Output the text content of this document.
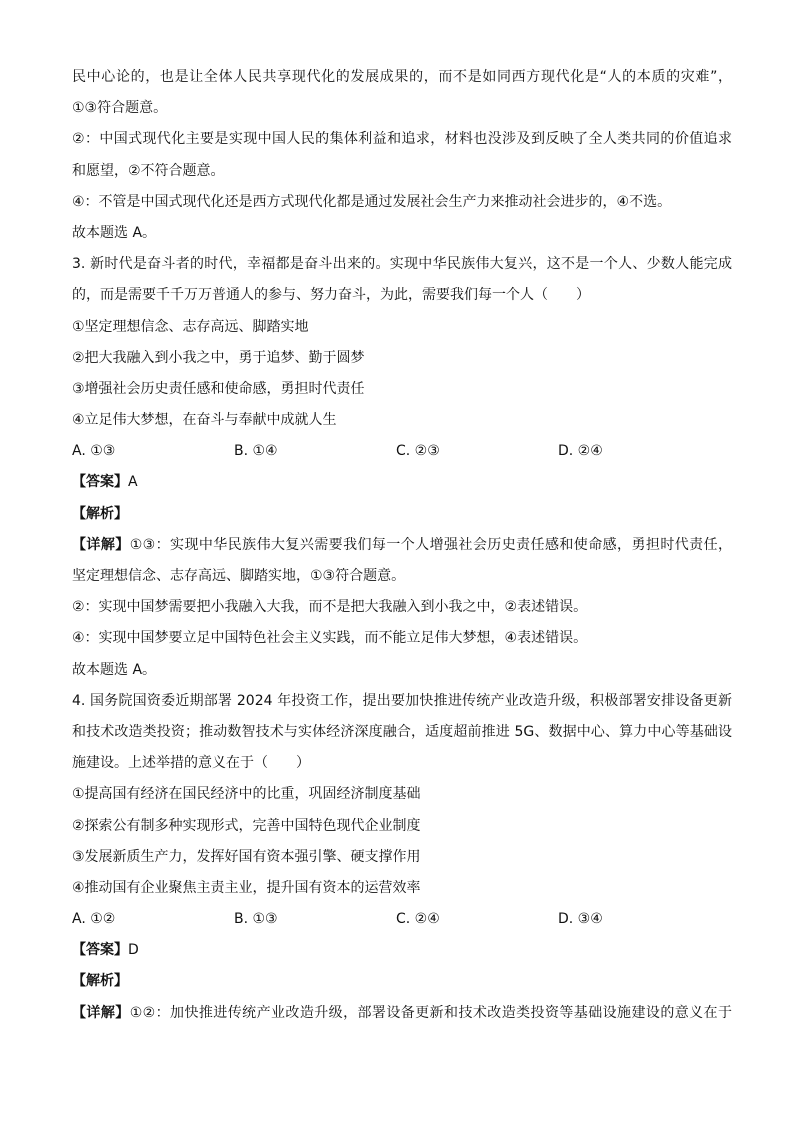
民中心论的，也是让全体人民共享现代化的发展成果的，而不是如同西方现代化是“人的本质的灾难”，
①③符合题意。
②：中国式现代化主要是实现中国人民的集体利益和追求，材料也没涉及到反映了全人类共同的价值追求
和愿望，②不符合题意。
④：不管是中国式现代化还是西方式现代化都是通过发展社会生产力来推动社会进步的，④不选。
故本题选 A。
3. 新时代是奋斗者的时代，幸福都是奋斗出来的。实现中华民族伟大复兴，这不是一个人、少数人能完成
的，而是需要千千万万普通人的参与、努力奋斗，为此，需要我们每一个人（　　）
①坚定理想信念、志存高远、脚踏实地
②把大我融入到小我之中，勇于追梦、勤于圆梦
③增强社会历史责任感和使命感，勇担时代责任
④立足伟大梦想，在奋斗与奉献中成就人生
A. ①③	B. ①④	C. ②③	D. ②④
【答案】A
【解析】
【详解】①③：实现中华民族伟大复兴需要我们每一个人增强社会历史责任感和使命感，勇担时代责任，
坚定理想信念、志存高远、脚踏实地，①③符合题意。
②：实现中国梦需要把小我融入大我，而不是把大我融入到小我之中，②表述错误。
④：实现中国梦要立足中国特色社会主义实践，而不能立足伟大梦想，④表述错误。
故本题选 A。
4. 国务院国资委近期部署 2024 年投资工作，提出要加快推进传统产业改造升级，积极部署安排设备更新
和技术改造类投资；推动数智技术与实体经济深度融合，适度超前推进 5G、数据中心、算力中心等基础设
施建设。上述举措的意义在于（　　）
①提高国有经济在国民经济中的比重，巩固经济制度基础
②探索公有制多种实现形式，完善中国特色现代企业制度
③发展新质生产力，发挥好国有资本强引擎、硬支撑作用
④推动国有企业聚焦主责主业，提升国有资本的运营效率
A. ①②	B. ①③	C. ②④	D. ③④
【答案】D
【解析】
【详解】①②：加快推进传统产业改造升级，部署设备更新和技术改造类投资等基础设施建设的意义在于
